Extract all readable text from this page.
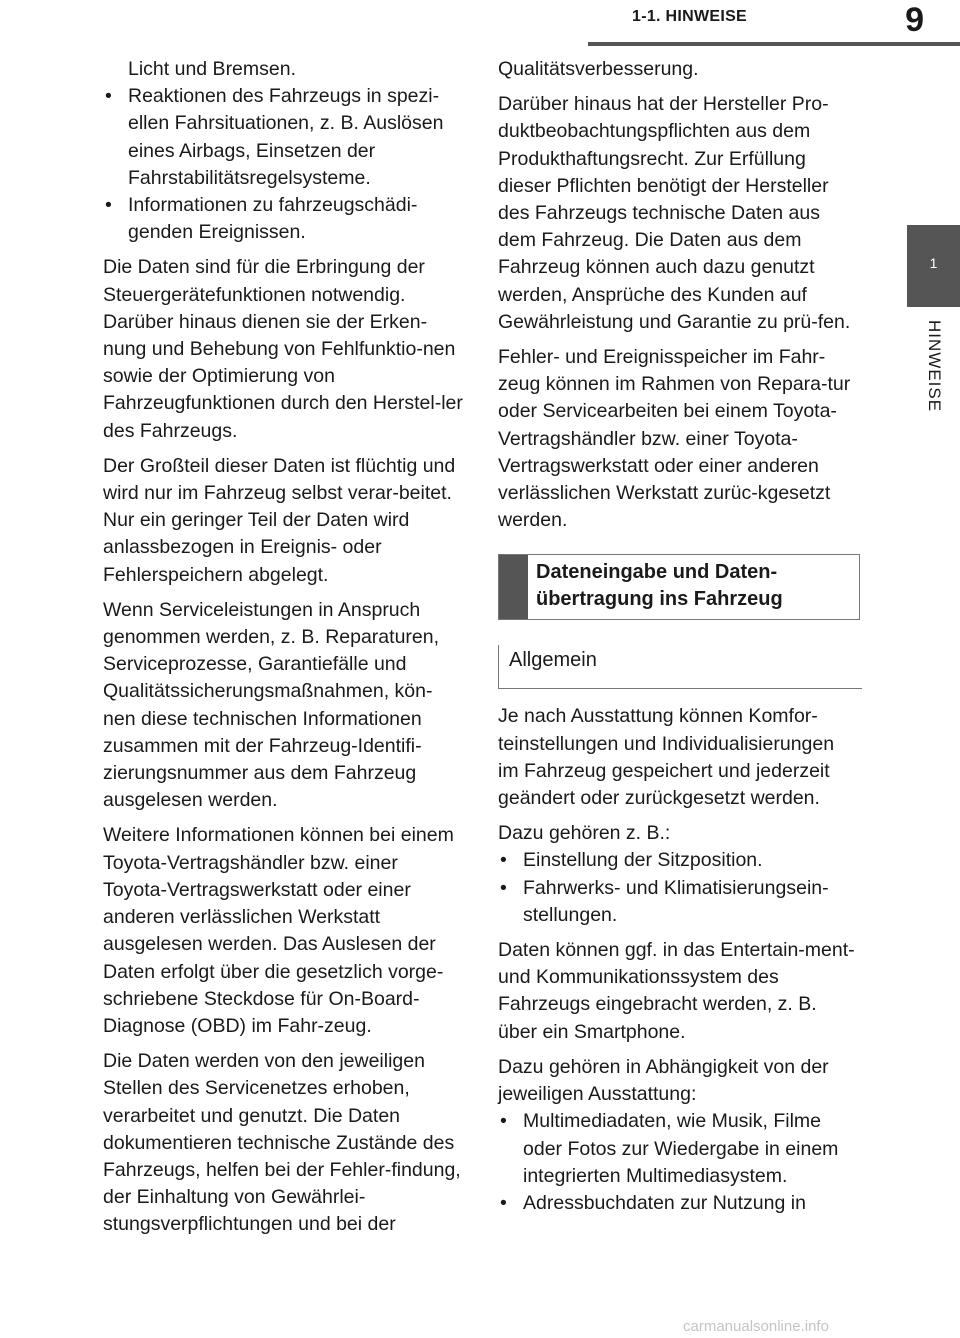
1-1. HINWEISE	9
1
HINWEISE

Licht und Bremsen.

• Reaktionen des Fahrzeugs in spezi-ellen Fahrsituationen, z. B. Auslösen eines Airbags, Einsetzen der Fahrstabilitätsregelsysteme.
• Informationen zu fahrzeugschädi-genden Ereignissen.

Die Daten sind für die Erbringung der Steuergerätefunktionen notwendig. Darüber hinaus dienen sie der Erken-nung und Behebung von Fehlfunktio-nen sowie der Optimierung von Fahrzeugfunktionen durch den Herstel-ler des Fahrzeugs.

Der Großteil dieser Daten ist flüchtig und wird nur im Fahrzeug selbst verar-beitet. Nur ein geringer Teil der Daten wird anlassbezogen in Ereignis- oder Fehlerspeichern abgelegt.

Wenn Serviceleistungen in Anspruch genommen werden, z. B. Reparaturen, Serviceprozesse, Garantiefälle und Qualitätssicherungsmaßnahmen, kön-nen diese technischen Informationen zusammen mit der Fahrzeug-Identifi-zierungsnummer aus dem Fahrzeug ausgelesen werden.

Weitere Informationen können bei einem Toyota-Vertragshändler bzw. einer Toyota-Vertragswerkstatt oder einer anderen verlässlichen Werkstatt ausgelesen werden. Das Auslesen der Daten erfolgt über die gesetzlich vorge-schriebene Steckdose für On-Board-Diagnose (OBD) im Fahr-zeug.

Die Daten werden von den jeweiligen Stellen des Servicenetzes erhoben, verarbeitet und genutzt. Die Daten dokumentieren technische Zustände des Fahrzeugs, helfen bei der Fehler-findung, der Einhaltung von Gewährlei-stungsverpflichtungen und bei der

Qualitätsverbesserung.

Darüber hinaus hat der Hersteller Pro-duktbeobachtungspflichten aus dem Produkthaftungsrecht. Zur Erfüllung dieser Pflichten benötigt der Hersteller des Fahrzeugs technische Daten aus dem Fahrzeug. Die Daten aus dem Fahrzeug können auch dazu genutzt werden, Ansprüche des Kunden auf Gewährleistung und Garantie zu prü-fen.

Fehler- und Ereignisspeicher im Fahr-zeug können im Rahmen von Repara-tur oder Servicearbeiten bei einem Toyota-Vertragshändler bzw. einer Toyota-Vertragswerkstatt oder einer anderen verlässlichen Werkstatt zurüc-kgesetzt werden.

Dateneingabe und Daten-übertragung ins Fahrzeug
Allgemein

Je nach Ausstattung können Komfor-teinstellungen und Individualisierungen im Fahrzeug gespeichert und jederzeit geändert oder zurückgesetzt werden.

Dazu gehören z. B.:

• Einstellung der Sitzposition.
• Fahrwerks- und Klimatisierungsein-stellungen.

Daten können ggf. in das Entertain-ment- und Kommunikationssystem des Fahrzeugs eingebracht werden, z. B. über ein Smartphone.

Dazu gehören in Abhängigkeit von der jeweiligen Ausstattung:

• Multimediadaten, wie Musik, Filme oder Fotos zur Wiedergabe in einem integrierten Multimediasystem.
• Adressbuchdaten zur Nutzung in
carmanualsonline.info
